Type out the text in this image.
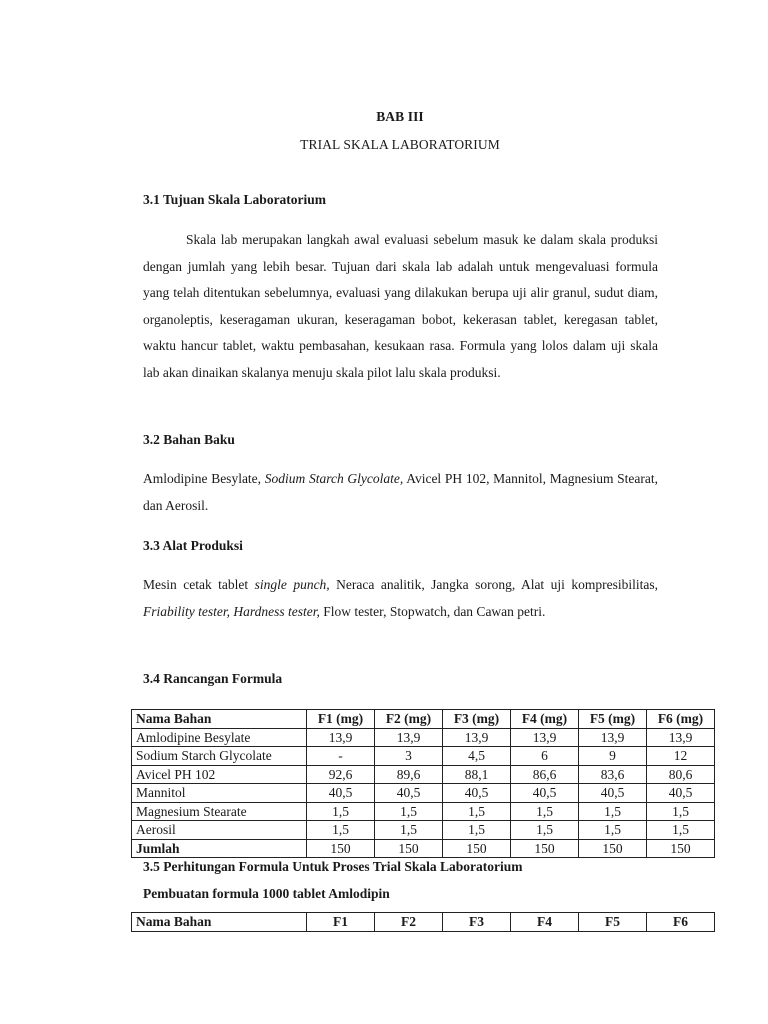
BAB III
TRIAL SKALA LABORATORIUM
3.1 Tujuan Skala Laboratorium
Skala lab merupakan langkah awal evaluasi sebelum masuk ke dalam skala produksi dengan jumlah yang lebih besar. Tujuan dari skala lab adalah untuk mengevaluasi formula yang telah ditentukan sebelumnya, evaluasi yang dilakukan berupa uji alir granul, sudut diam, organoleptis, keseragaman ukuran, keseragaman bobot, kekerasan tablet, keregasan tablet, waktu hancur tablet, waktu pembasahan, kesukaan rasa. Formula yang lolos dalam uji skala lab akan dinaikan skalanya menuju skala pilot lalu skala produksi.
3.2 Bahan Baku
Amlodipine Besylate, Sodium Starch Glycolate, Avicel PH 102, Mannitol, Magnesium Stearat, dan Aerosil.
3.3 Alat Produksi
Mesin cetak tablet single punch, Neraca analitik, Jangka sorong, Alat uji kompresibilitas, Friability tester, Hardness tester, Flow tester, Stopwatch, dan Cawan petri.
3.4 Rancangan Formula
Nama Bahan	F1 (mg)	F2 (mg)	F3 (mg)	F4 (mg)	F5 (mg)	F6 (mg)
Amlodipine Besylate	13,9	13,9	13,9	13,9	13,9	13,9
Sodium Starch Glycolate	-	3	4,5	6	9	12
Avicel PH 102	92,6	89,6	88,1	86,6	83,6	80,6
Mannitol	40,5	40,5	40,5	40,5	40,5	40,5
Magnesium Stearate	1,5	1,5	1,5	1,5	1,5	1,5
Aerosil	1,5	1,5	1,5	1,5	1,5	1,5
Jumlah	150	150	150	150	150	150
3.5 Perhitungan Formula Untuk Proses Trial Skala Laboratorium
Pembuatan formula 1000 tablet Amlodipin
Nama Bahan	F1	F2	F3	F4	F5	F6
